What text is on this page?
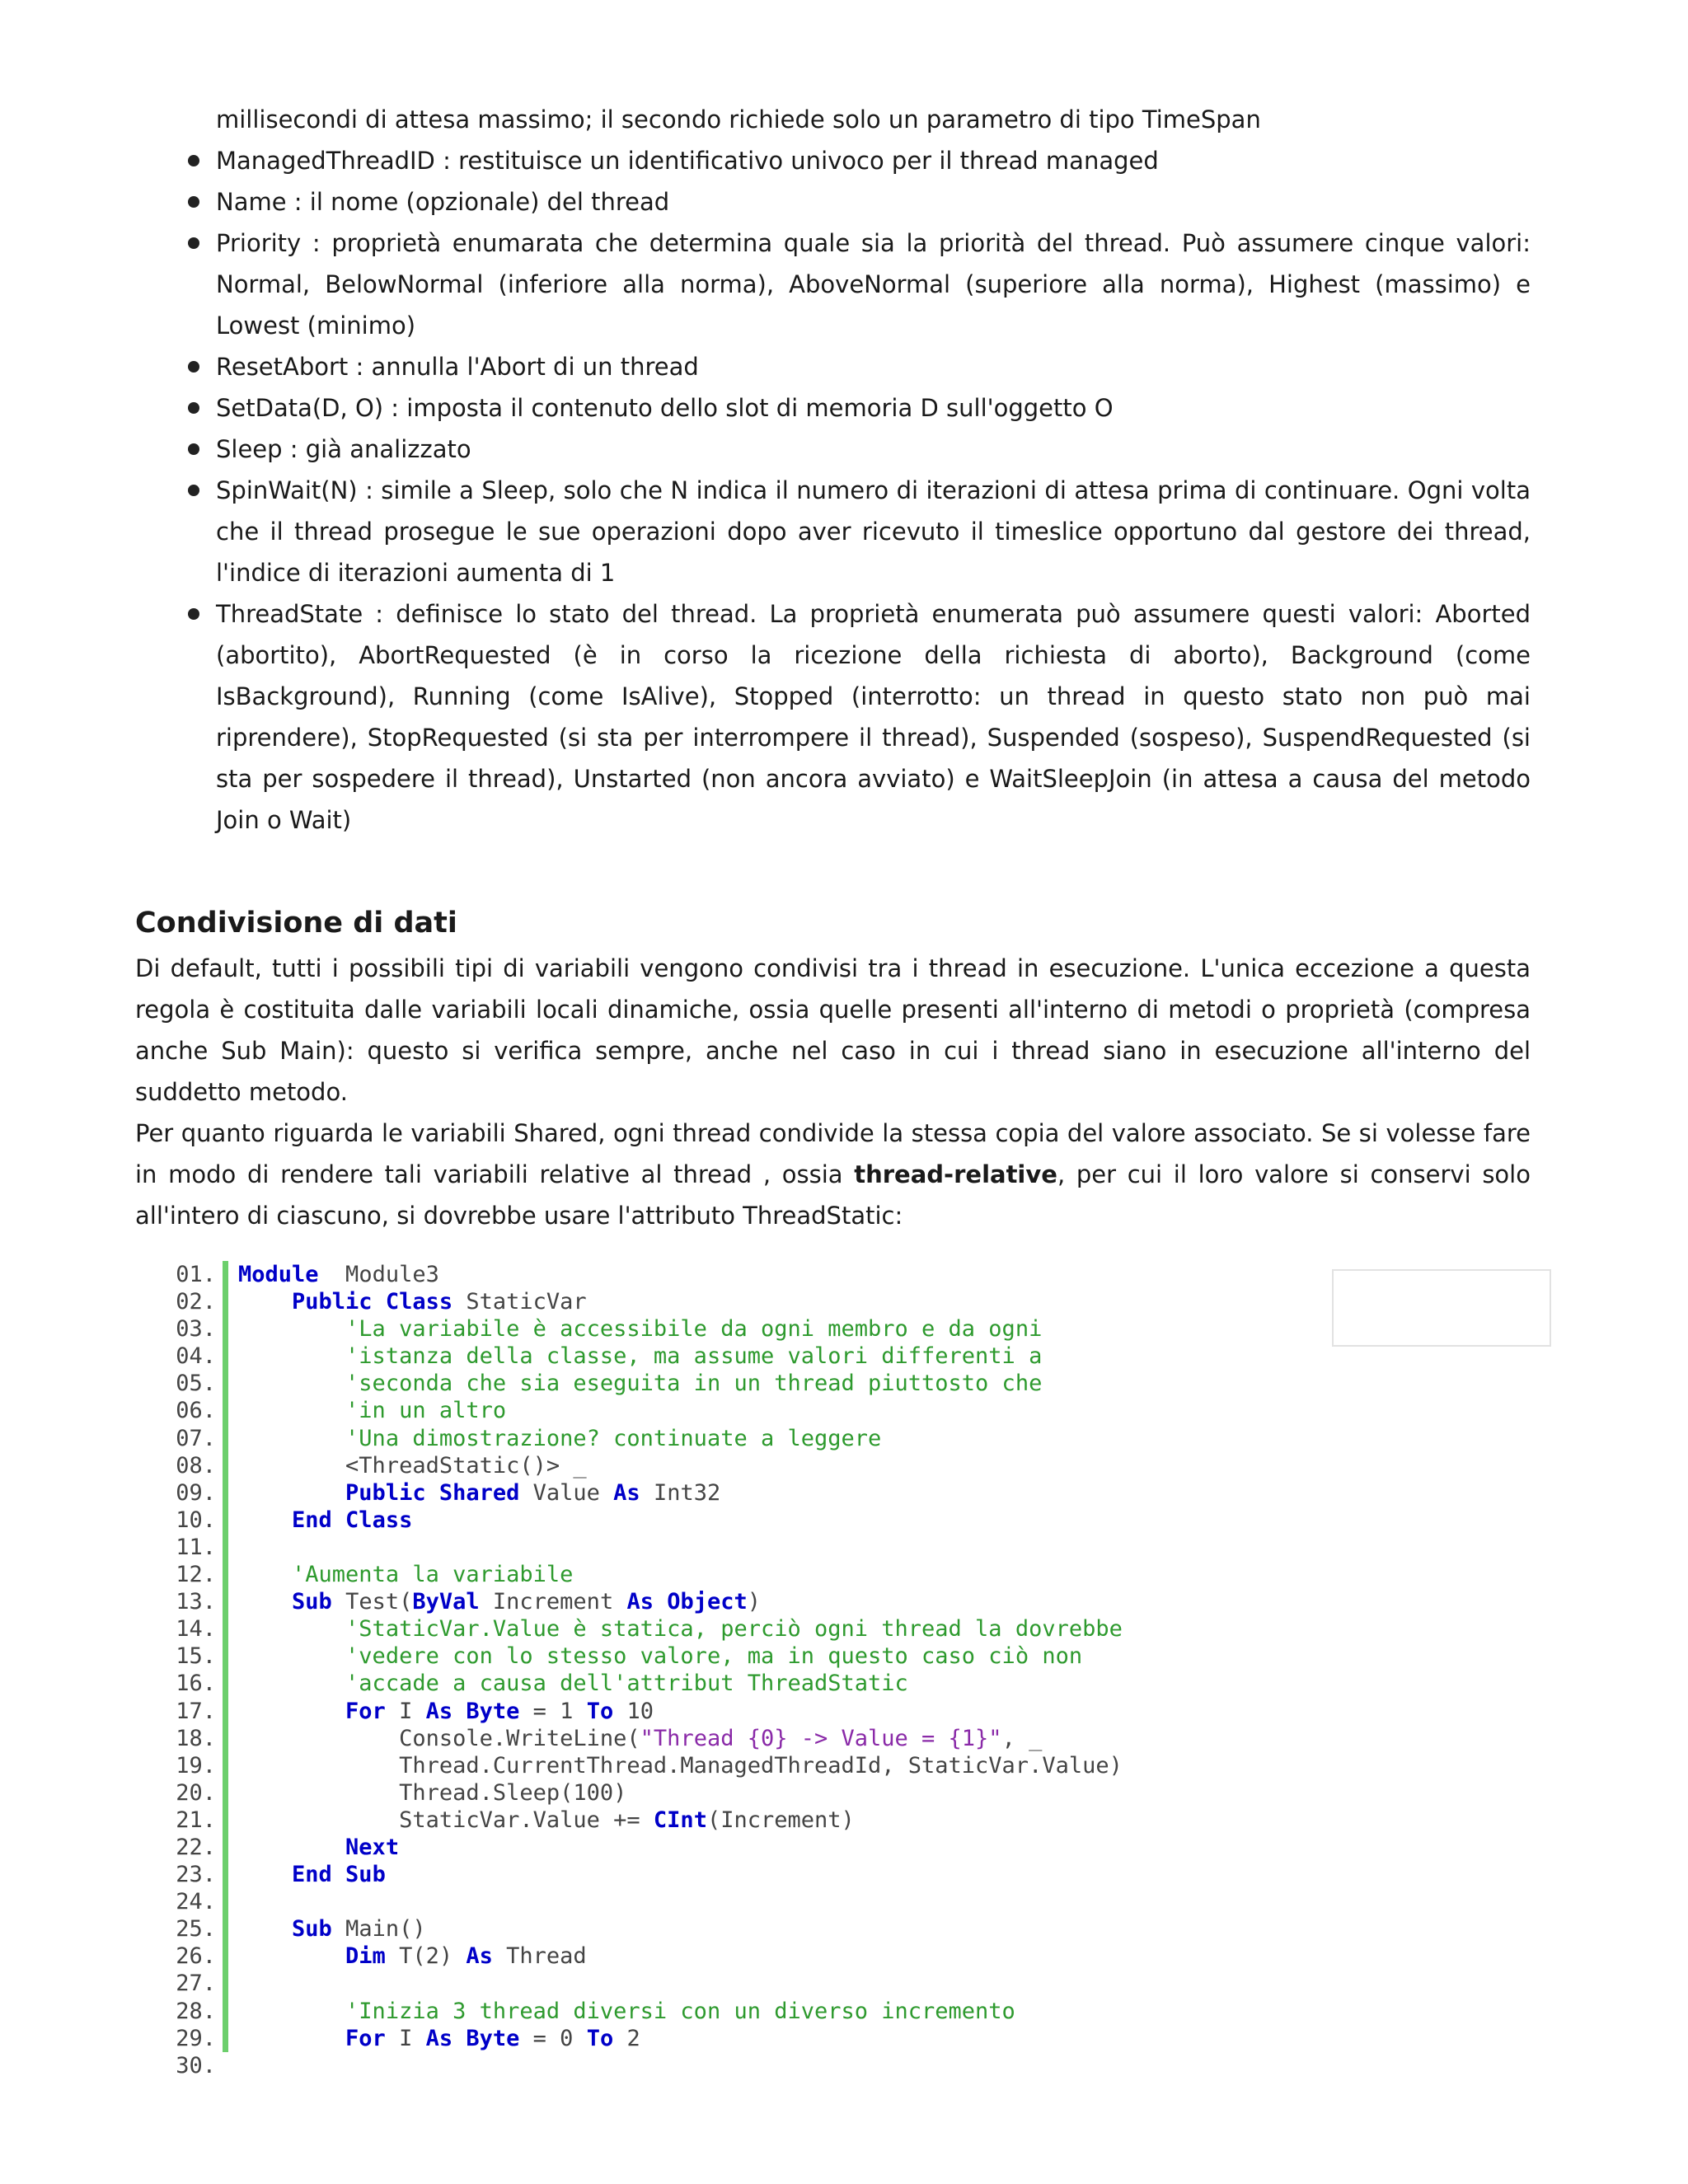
millisecondi di attesa massimo; il secondo richiede solo un parametro di tipo TimeSpan
ManagedThreadID : restituisce un identificativo univoco per il thread managed
Name : il nome (opzionale) del thread
Priority : proprietà enumarata che determina quale sia la priorità del thread. Può assumere cinque valori: Normal, BelowNormal (inferiore alla norma), AboveNormal (superiore alla norma), Highest (massimo) e Lowest (minimo)
ResetAbort : annulla l'Abort di un thread
SetData(D, O) : imposta il contenuto dello slot di memoria D sull'oggetto O
Sleep : già analizzato
SpinWait(N) : simile a Sleep, solo che N indica il numero di iterazioni di attesa prima di continuare. Ogni volta che il thread prosegue le sue operazioni dopo aver ricevuto il timeslice opportuno dal gestore dei thread, l'indice di iterazioni aumenta di 1
ThreadState : definisce lo stato del thread. La proprietà enumerata può assumere questi valori: Aborted (abortito), AbortRequested (è in corso la ricezione della richiesta di aborto), Background (come IsBackground), Running (come IsAlive), Stopped (interrotto: un thread in questo stato non può mai riprendere), StopRequested (si sta per interrompere il thread), Suspended (sospeso), SuspendRequested (si sta per sospedere il thread), Unstarted (non ancora avviato) e WaitSleepJoin (in attesa a causa del metodo Join o Wait)
Condivisione di dati
Di default, tutti i possibili tipi di variabili vengono condivisi tra i thread in esecuzione. L'unica eccezione a questa regola è costituita dalle variabili locali dinamiche, ossia quelle presenti all'interno di metodi o proprietà (compresa anche Sub Main): questo si verifica sempre, anche nel caso in cui i thread siano in esecuzione all'interno del suddetto metodo.
Per quanto riguarda le variabili Shared, ogni thread condivide la stessa copia del valore associato. Se si volesse fare in modo di rendere tali variabili relative al thread , ossia thread-relative, per cui il loro valore si conservi solo all'intero di ciascuno, si dovrebbe usare l'attributo ThreadStatic:
01.	Module  Module3
02.	Public Class StaticVar
03.	'La variabile è accessibile da ogni membro e da ogni
04.	'istanza della classe, ma assume valori differenti a
05.	'seconda che sia eseguita in un thread piuttosto che
06.	'in un altro
07.	'Una dimostrazione? continuate a leggere
08.	<ThreadStatic()> _
09.	Public Shared Value As Int32
10.	End Class
11.
12.	'Aumenta la variabile
13.	Sub Test(ByVal Increment As Object)
14.	'StaticVar.Value è statica, perciò ogni thread la dovrebbe
15.	'vedere con lo stesso valore, ma in questo caso ciò non
16.	'accade a causa dell'attribut ThreadStatic
17.	For I As Byte = 1 To 10
18.	Console.WriteLine("Thread {0} -> Value = {1}", _
19.	Thread.CurrentThread.ManagedThreadId, StaticVar.Value)
20.	Thread.Sleep(100)
21.	StaticVar.Value += CInt(Increment)
22.	Next
23.	End Sub
24.
25.	Sub Main()
26.	Dim T(2) As Thread
27.
28.	'Inizia 3 thread diversi con un diverso incremento
29.	For I As Byte = 0 To 2
30.
